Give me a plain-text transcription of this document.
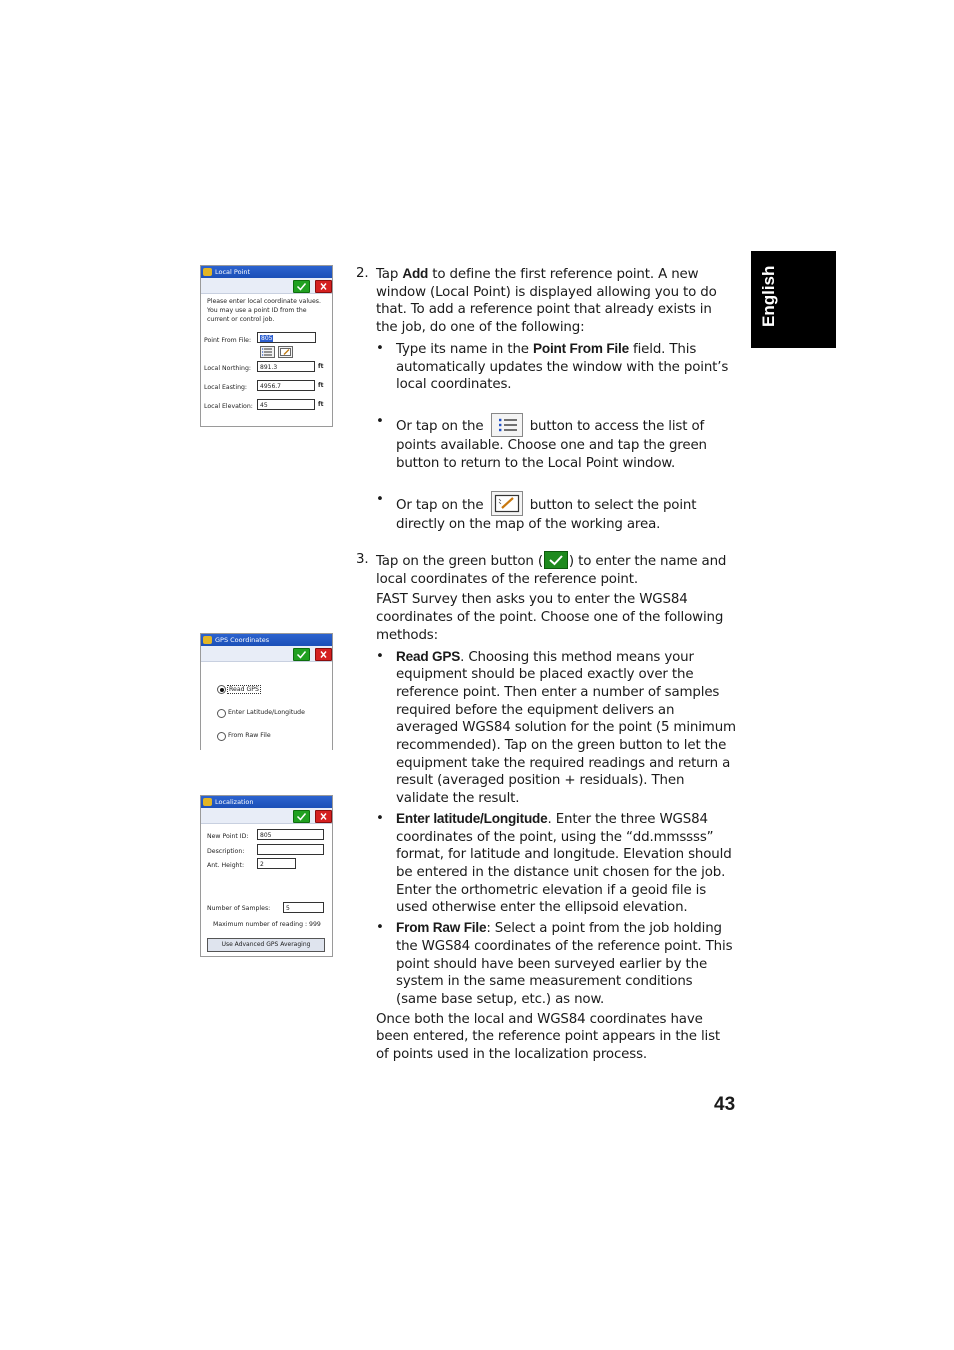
English
Local Point
Please enter local coordinate values.
You may use a point ID from the
current or control job.
Point From File:	805
Local Northing:	891.3	ft
Local Easting:	4956.7	ft
Local Elevation:	45	ft
GPS Coordinates
Read GPS
Enter Latitude/Longitude
From Raw File
Localization
New Point ID:	805
Description:
Ant. Height:	2
Number of Samples:	5
Maximum number of reading : 999
Use Advanced GPS Averaging

2. Tap Add to define the first reference point. A new window (Local Point) is displayed allowing you to do that. To add a reference point that already exists in the job, do one of the following:

• Type its name in the Point From File field. This automatically updates the window with the point’s local coordinates.

• Or tap on the	button to access the list of points available. Choose one and tap the green button to return to the Local Point window.

• Or tap on the	button to select the point directly on the map of the working area.

3. Tap on the green button ( ) to enter the name and local coordinates of the reference point.

FAST Survey then asks you to enter the WGS84 coordinates of the point. Choose one of the following methods:

• Read GPS. Choosing this method means your equipment should be placed exactly over the reference point. Then enter a number of samples required before the equipment delivers an averaged WGS84 solution for the point (5 minimum recommended). Tap on the green button to let the equipment take the required readings and return a result (averaged position + residuals). Then validate the result.

• Enter latitude/Longitude. Enter the three WGS84 coordinates of the point, using the “dd.mmssss” format, for latitude and longitude. Elevation should be entered in the distance unit chosen for the job. Enter the orthometric elevation if a geoid file is used otherwise enter the ellipsoid elevation.

• From Raw File: Select a point from the job holding the WGS84 coordinates of the reference point. This point should have been surveyed earlier by the system in the same measurement conditions (same base setup, etc.) as now.

Once both the local and WGS84 coordinates have been entered, the reference point appears in the list of points used in the localization process.

43
